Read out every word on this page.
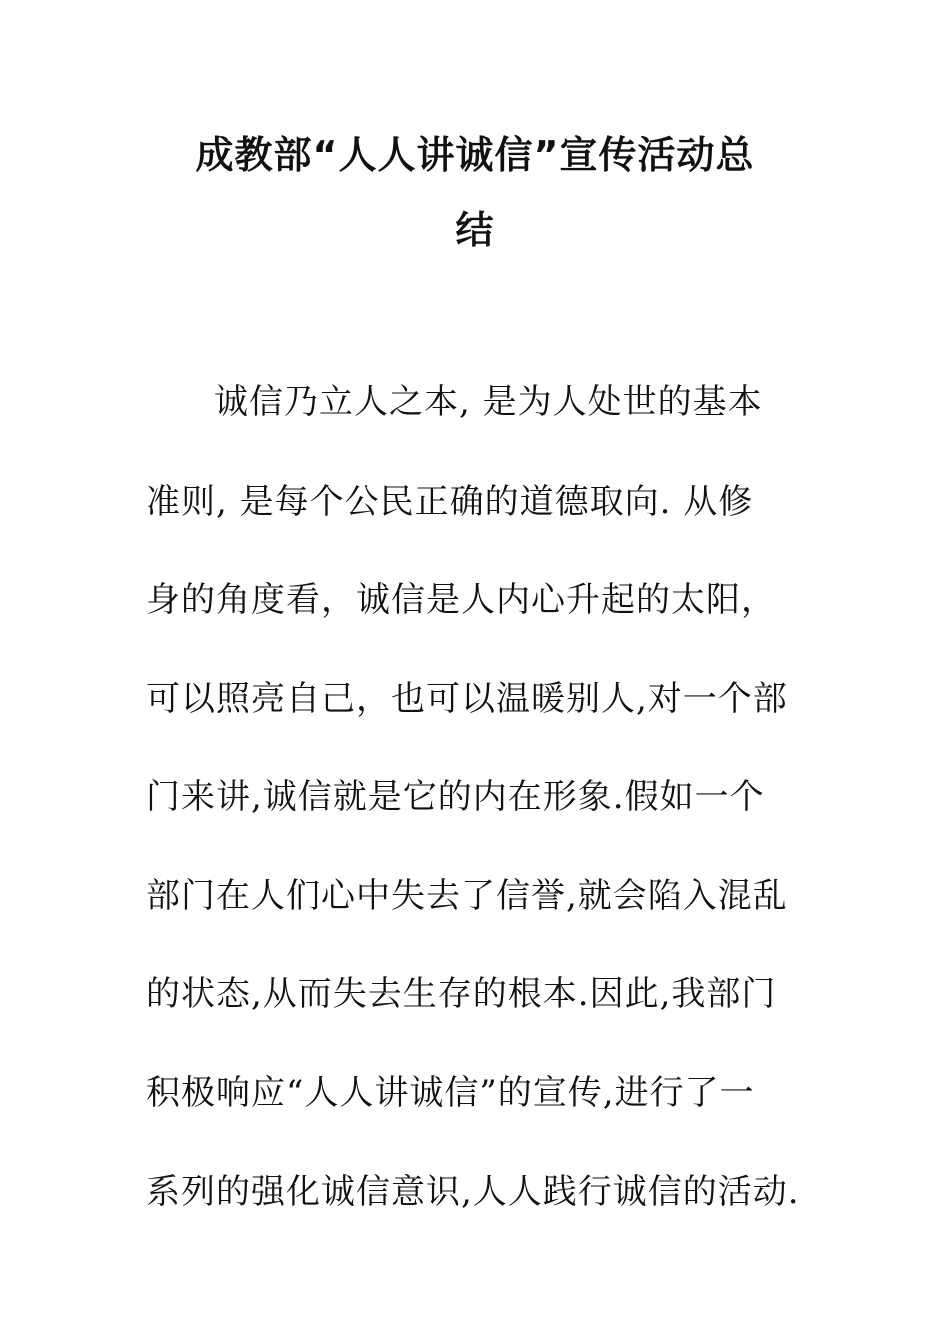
成教部“人人讲诚信”宣传活动总
结
诚信乃立人之本, 是为人处世的基本
准则, 是每个公民正确的道德取向. 从修
身的角度看，诚信是人内心升起的太阳，
可以照亮自己，也可以温暖别人,对一个部
门来讲,诚信就是它的内在形象.假如一个
部门在人们心中失去了信誉,就会陷入混乱
的状态,从而失去生存的根本.因此,我部门
积极响应“人人讲诚信”的宣传,进行了一
系列的强化诚信意识,人人践行诚信的活动.
